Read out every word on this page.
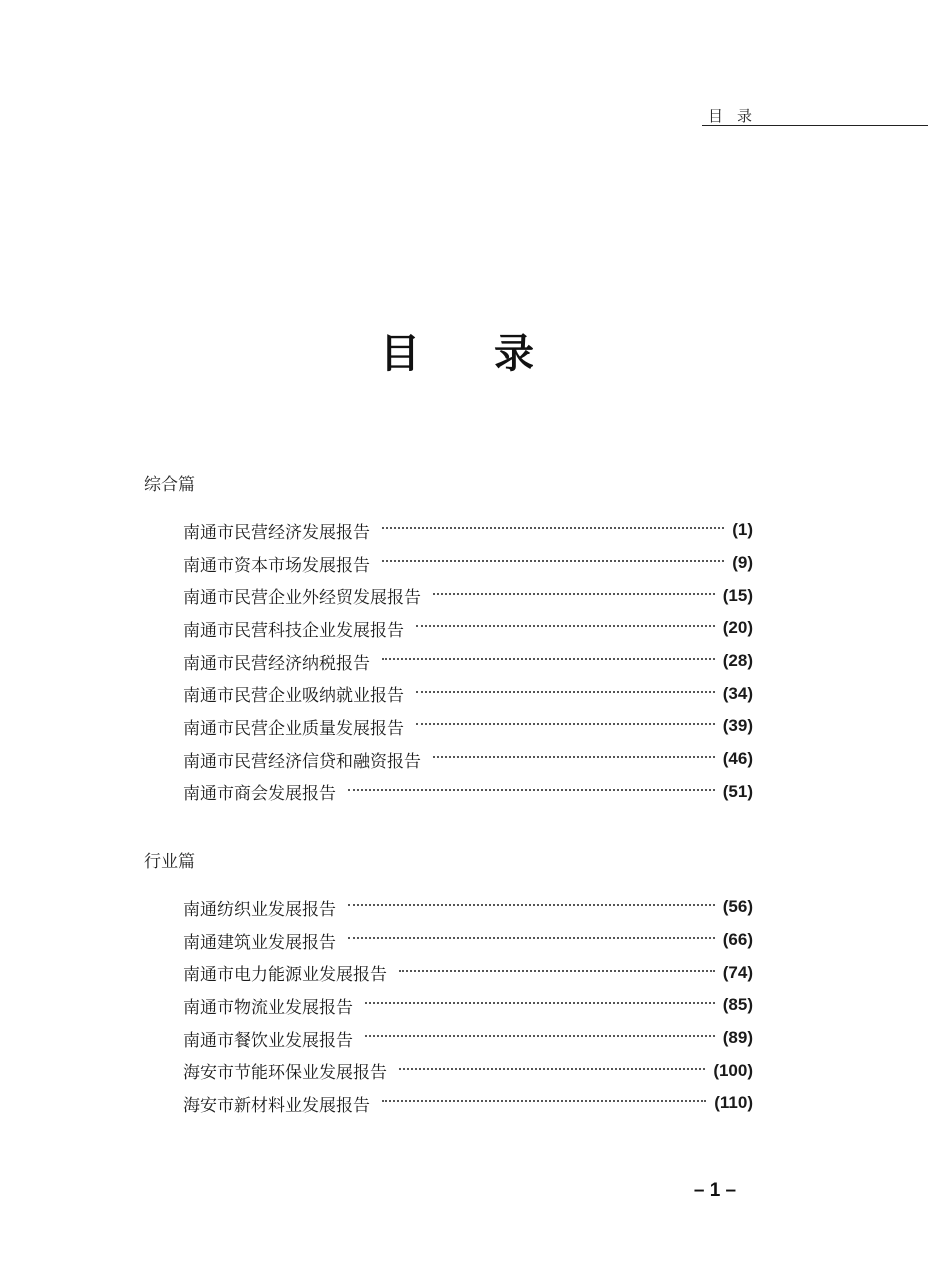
目录
目录
综合篇
南通市民营经济发展报告	(1)
南通市资本市场发展报告	(9)
南通市民营企业外经贸发展报告	(15)
南通市民营科技企业发展报告	(20)
南通市民营经济纳税报告	(28)
南通市民营企业吸纳就业报告	(34)
南通市民营企业质量发展报告	(39)
南通市民营经济信贷和融资报告	(46)
南通市商会发展报告	(51)
行业篇
南通纺织业发展报告	(56)
南通建筑业发展报告	(66)
南通市电力能源业发展报告	(74)
南通市物流业发展报告	(85)
南通市餐饮业发展报告	(89)
海安市节能环保业发展报告	(100)
海安市新材料业发展报告	(110)
– 1 –
